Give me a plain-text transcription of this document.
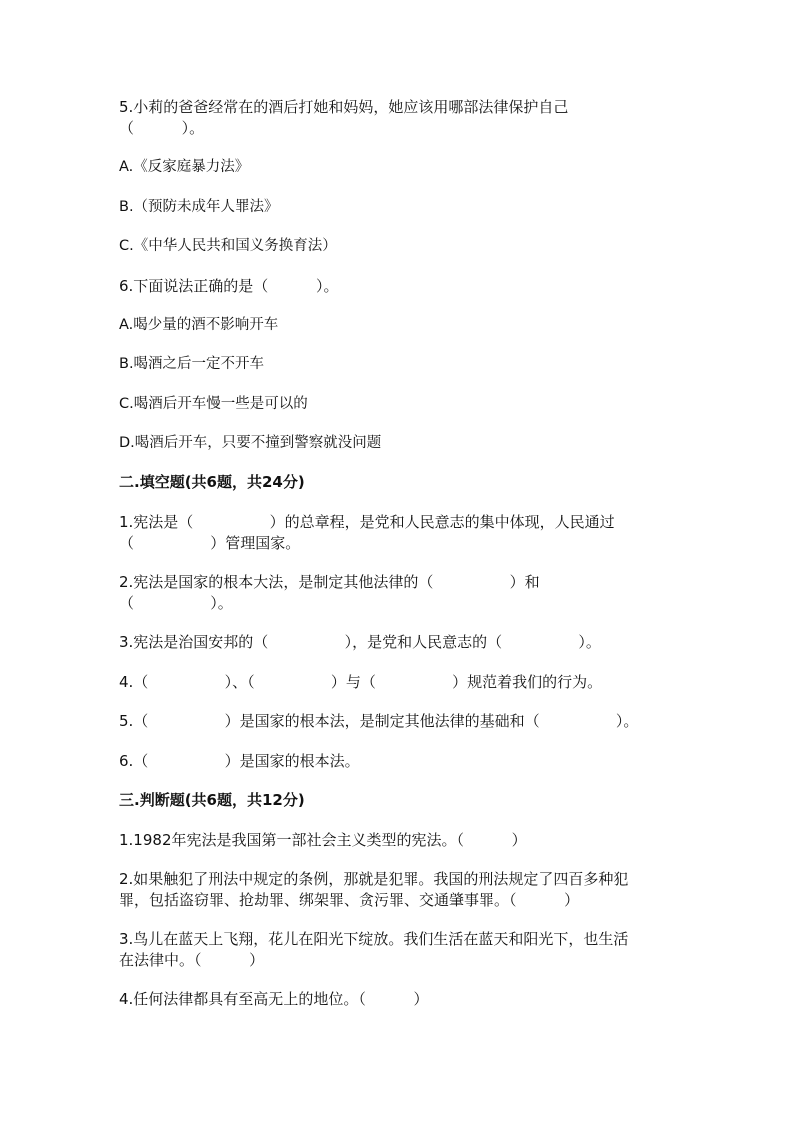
5.小莉的爸爸经常在的酒后打她和妈妈，她应该用哪部法律保护自己
（          ）。
A.《反家庭暴力法》
B.（预防未成年人罪法》
C.《中华人民共和国义务换育法）
6.下面说法正确的是（          ）。
A.喝少量的酒不影响开车
B.喝酒之后一定不开车
C.喝酒后开车慢一些是可以的
D.喝酒后开车，只要不撞到警察就没问题
二.填空题(共6题，共24分)
1.宪法是（                ）的总章程，是党和人民意志的集中体现，人民通过
（                ）管理国家。
2.宪法是国家的根本大法，是制定其他法律的（                ）和
（                ）。
3.宪法是治国安邦的（                ），是党和人民意志的（                ）。
4.（                ）、（                ）与（                ）规范着我们的行为。
5.（                ）是国家的根本法，是制定其他法律的基础和（                ）。
6.（                ）是国家的根本法。
三.判断题(共6题，共12分)
1.1982年宪法是我国第一部社会主义类型的宪法。（          ）
2.如果触犯了刑法中规定的条例，那就是犯罪。我国的刑法规定了四百多种犯
罪，包括盗窃罪、抢劫罪、绑架罪、贪污罪、交通肇事罪。（          ）
3.鸟儿在蓝天上飞翔，花儿在阳光下绽放。我们生活在蓝天和阳光下，也生活
在法律中。（          ）
4.任何法律都具有至高无上的地位。（          ）
